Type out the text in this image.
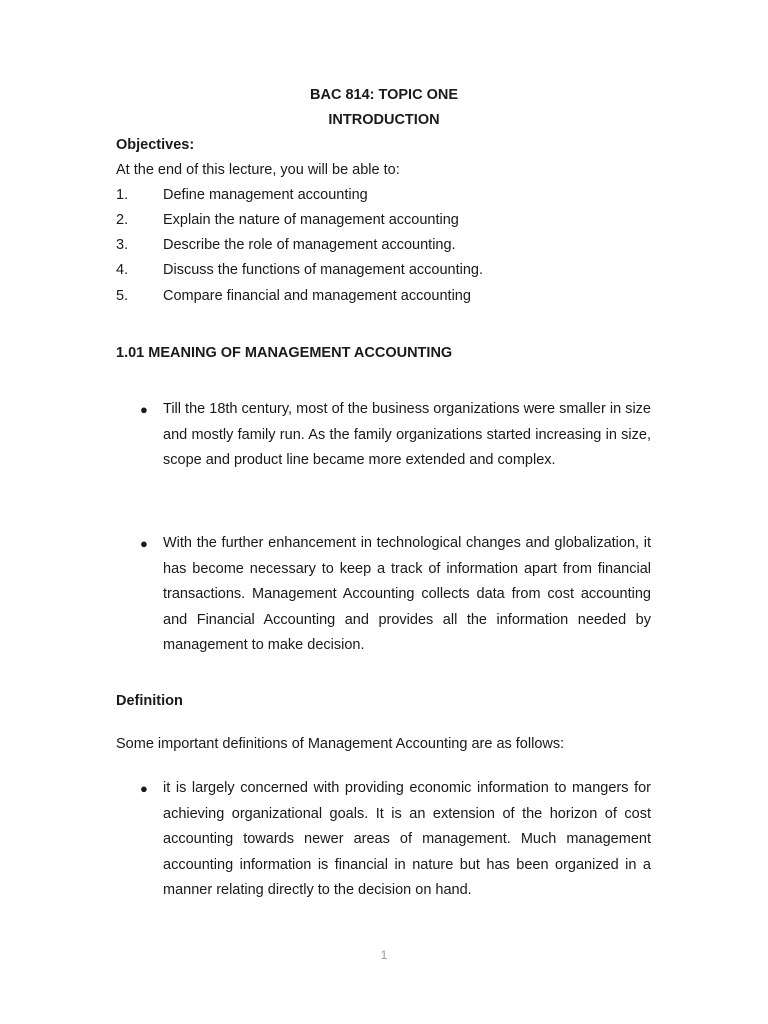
BAC 814: TOPIC ONE
INTRODUCTION
Objectives:
At the end of this lecture, you will be able to:
1. Define management accounting
2. Explain the nature of management accounting
3. Describe the role of management accounting.
4. Discuss the functions of management accounting.
5. Compare financial and management accounting
1.01 MEANING OF MANAGEMENT ACCOUNTING
● Till the 18th century, most of the business organizations were smaller in size and mostly family run. As the family organizations started increasing in size, scope and product line became more extended and complex.

● With the further enhancement in technological changes and globalization, it has become necessary to keep a track of information apart from financial transactions. Management Accounting collects data from cost accounting and Financial Accounting and provides all the information needed by management to make decision.

Definition
Some important definitions of Management Accounting are as follows:
● it is largely concerned with providing economic information to mangers for achieving organizational goals. It is an extension of the horizon of cost accounting towards newer areas of management. Much management accounting information is financial in nature but has been organized in a manner relating directly to the decision on hand.

1
